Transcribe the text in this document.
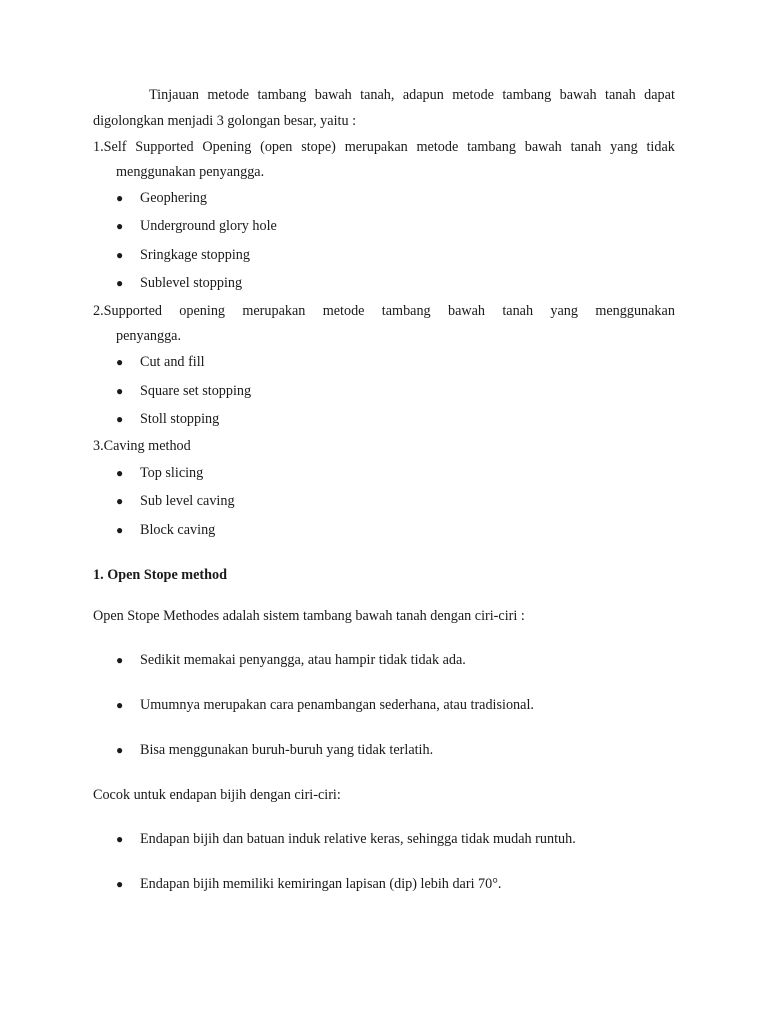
Tinjauan metode tambang bawah tanah, adapun metode tambang bawah tanah dapat
digolongkan menjadi 3 golongan besar, yaitu :
1.Self Supported Opening (open stope) merupakan metode tambang bawah tanah yang tidak
menggunakan penyangga.
● Geophering
● Underground glory hole
● Sringkage stopping
● Sublevel stopping
2.Supported opening merupakan metode tambang bawah tanah yang menggunakan
penyangga.
● Cut and fill
● Square set stopping
● Stoll stopping
3.Caving method
● Top slicing
● Sub level caving
● Block caving
1. Open Stope method
Open Stope Methodes adalah sistem tambang bawah tanah dengan ciri-ciri :
● Sedikit memakai penyangga, atau hampir tidak tidak ada.
● Umumnya merupakan cara penambangan sederhana, atau tradisional.
● Bisa menggunakan buruh-buruh yang tidak terlatih.
Cocok untuk endapan bijih dengan ciri-ciri:
● Endapan bijih dan batuan induk relative keras, sehingga tidak mudah runtuh.
● Endapan bijih memiliki kemiringan lapisan (dip) lebih dari 70°.
